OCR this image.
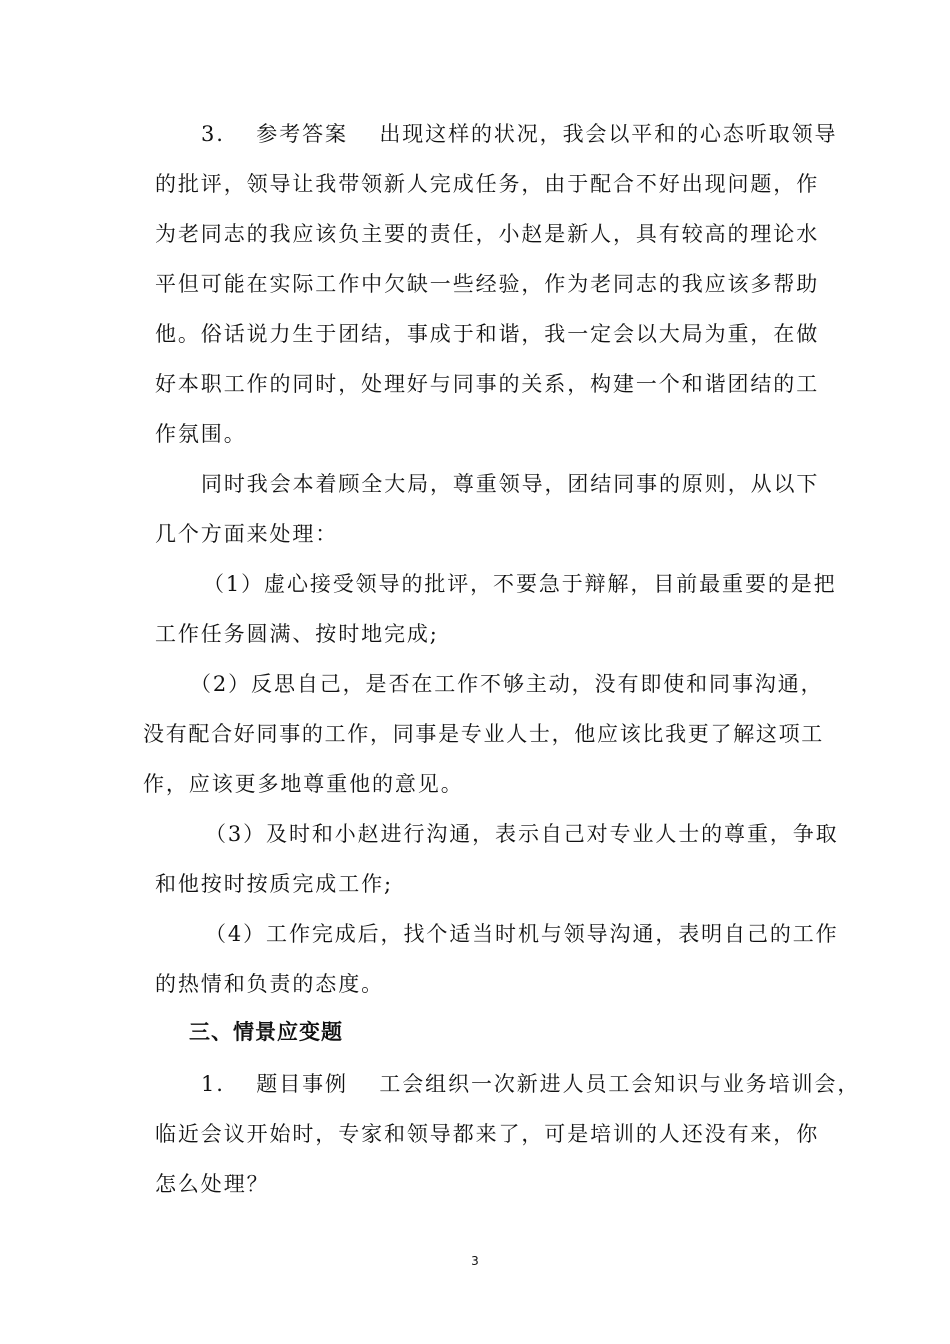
3.　 参考答案　 出现这样的状况，我会以平和的心态听取领导
的批评，领导让我带领新人完成任务，由于配合不好出现问题，作
为老同志的我应该负主要的责任，小赵是新人，具有较高的理论水
平但可能在实际工作中欠缺一些经验，作为老同志的我应该多帮助
他。俗话说力生于团结，事成于和谐，我一定会以大局为重，在做
好本职工作的同时，处理好与同事的关系，构建一个和谐团结的工
作氛围。
同时我会本着顾全大局，尊重领导，团结同事的原则，从以下
几个方面来处理：
（1）虚心接受领导的批评，不要急于辩解，目前最重要的是把
工作任务圆满、按时地完成;
（2）反思自己，是否在工作不够主动，没有即使和同事沟通，
没有配合好同事的工作，同事是专业人士，他应该比我更了解这项工
作，应该更多地尊重他的意见。
（3）及时和小赵进行沟通，表示自己对专业人士的尊重，争取
和他按时按质完成工作;
（4）工作完成后，找个适当时机与领导沟通，表明自己的工作
的热情和负责的态度。
三、情景应变题
1.　 题目事例　 工会组织一次新进人员工会知识与业务培训会，
临近会议开始时，专家和领导都来了，可是培训的人还没有来，你
怎么处理？
3
